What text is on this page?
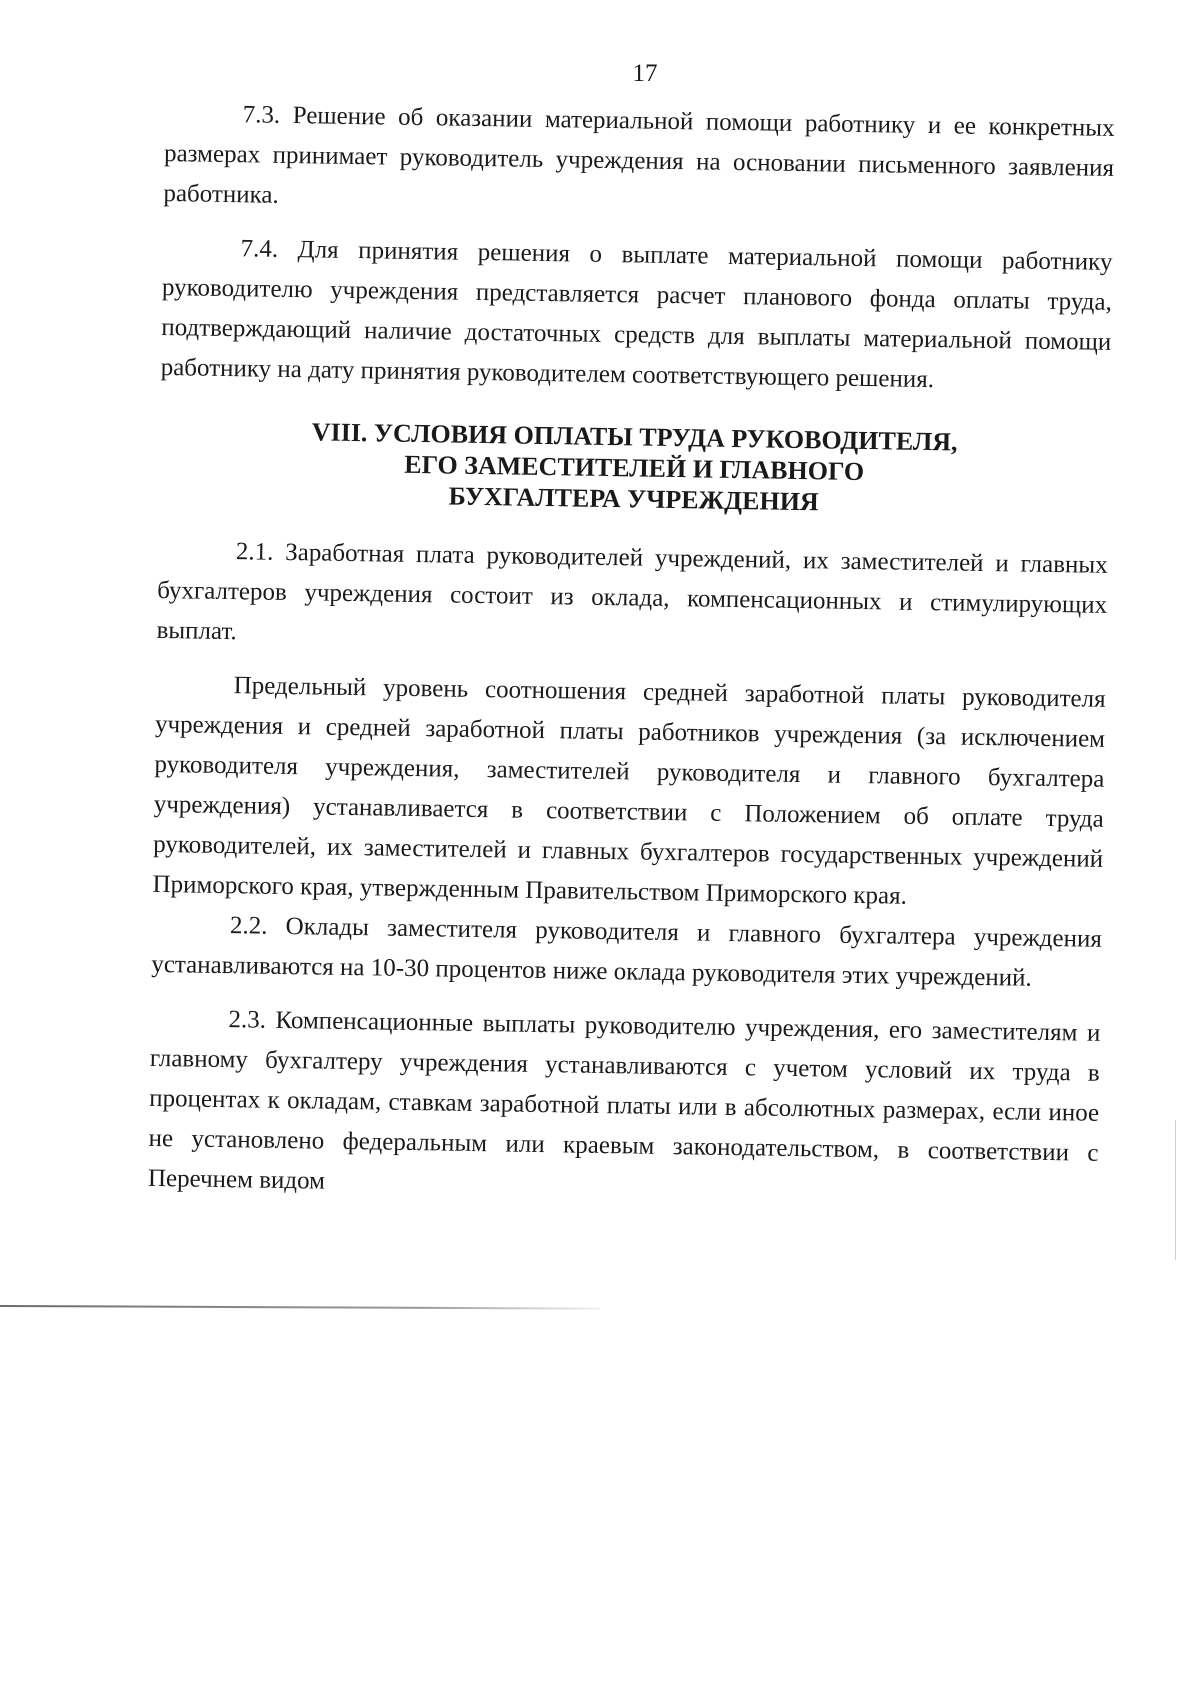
17

7.3. Решение об оказании материальной помощи работнику и ее конкретных размерах принимает руководитель учреждения на основании письменного заявления работника.

7.4. Для принятия решения о выплате материальной помощи работнику руководителю учреждения представляется расчет планового фонда оплаты труда, подтверждающий наличие достаточных средств для выплаты материальной помощи работнику на дату принятия руководителем соответствующего решения.

VIII. УСЛОВИЯ ОПЛАТЫ ТРУДА РУКОВОДИТЕЛЯ,
ЕГО ЗАМЕСТИТЕЛЕЙ И ГЛАВНОГО
БУХГАЛТЕРА УЧРЕЖДЕНИЯ

2.1. Заработная плата руководителей учреждений, их заместителей и главных бухгалтеров учреждения состоит из оклада, компенсационных и стимулирующих выплат.

Предельный уровень соотношения средней заработной платы руководителя учреждения и средней заработной платы работников учреждения (за исключением руководителя учреждения, заместителей руководителя и главного бухгалтера учреждения) устанавливается в соответствии с Положением об оплате труда руководителей, их заместителей и главных бухгалтеров государственных учреждений Приморского края, утвержденным Правительством Приморского края.

2.2. Оклады заместителя руководителя и главного бухгалтера учреждения устанавливаются на 10-30 процентов ниже оклада руководителя этих учреждений.

2.3. Компенсационные выплаты руководителю учреждения, его заместителям и главному бухгалтеру учреждения устанавливаются с учетом условий их труда в процентах к окладам, ставкам заработной платы или в абсолютных размерах, если иное не установлено федеральным или краевым законодательством, в соответствии с Перечнем видом
